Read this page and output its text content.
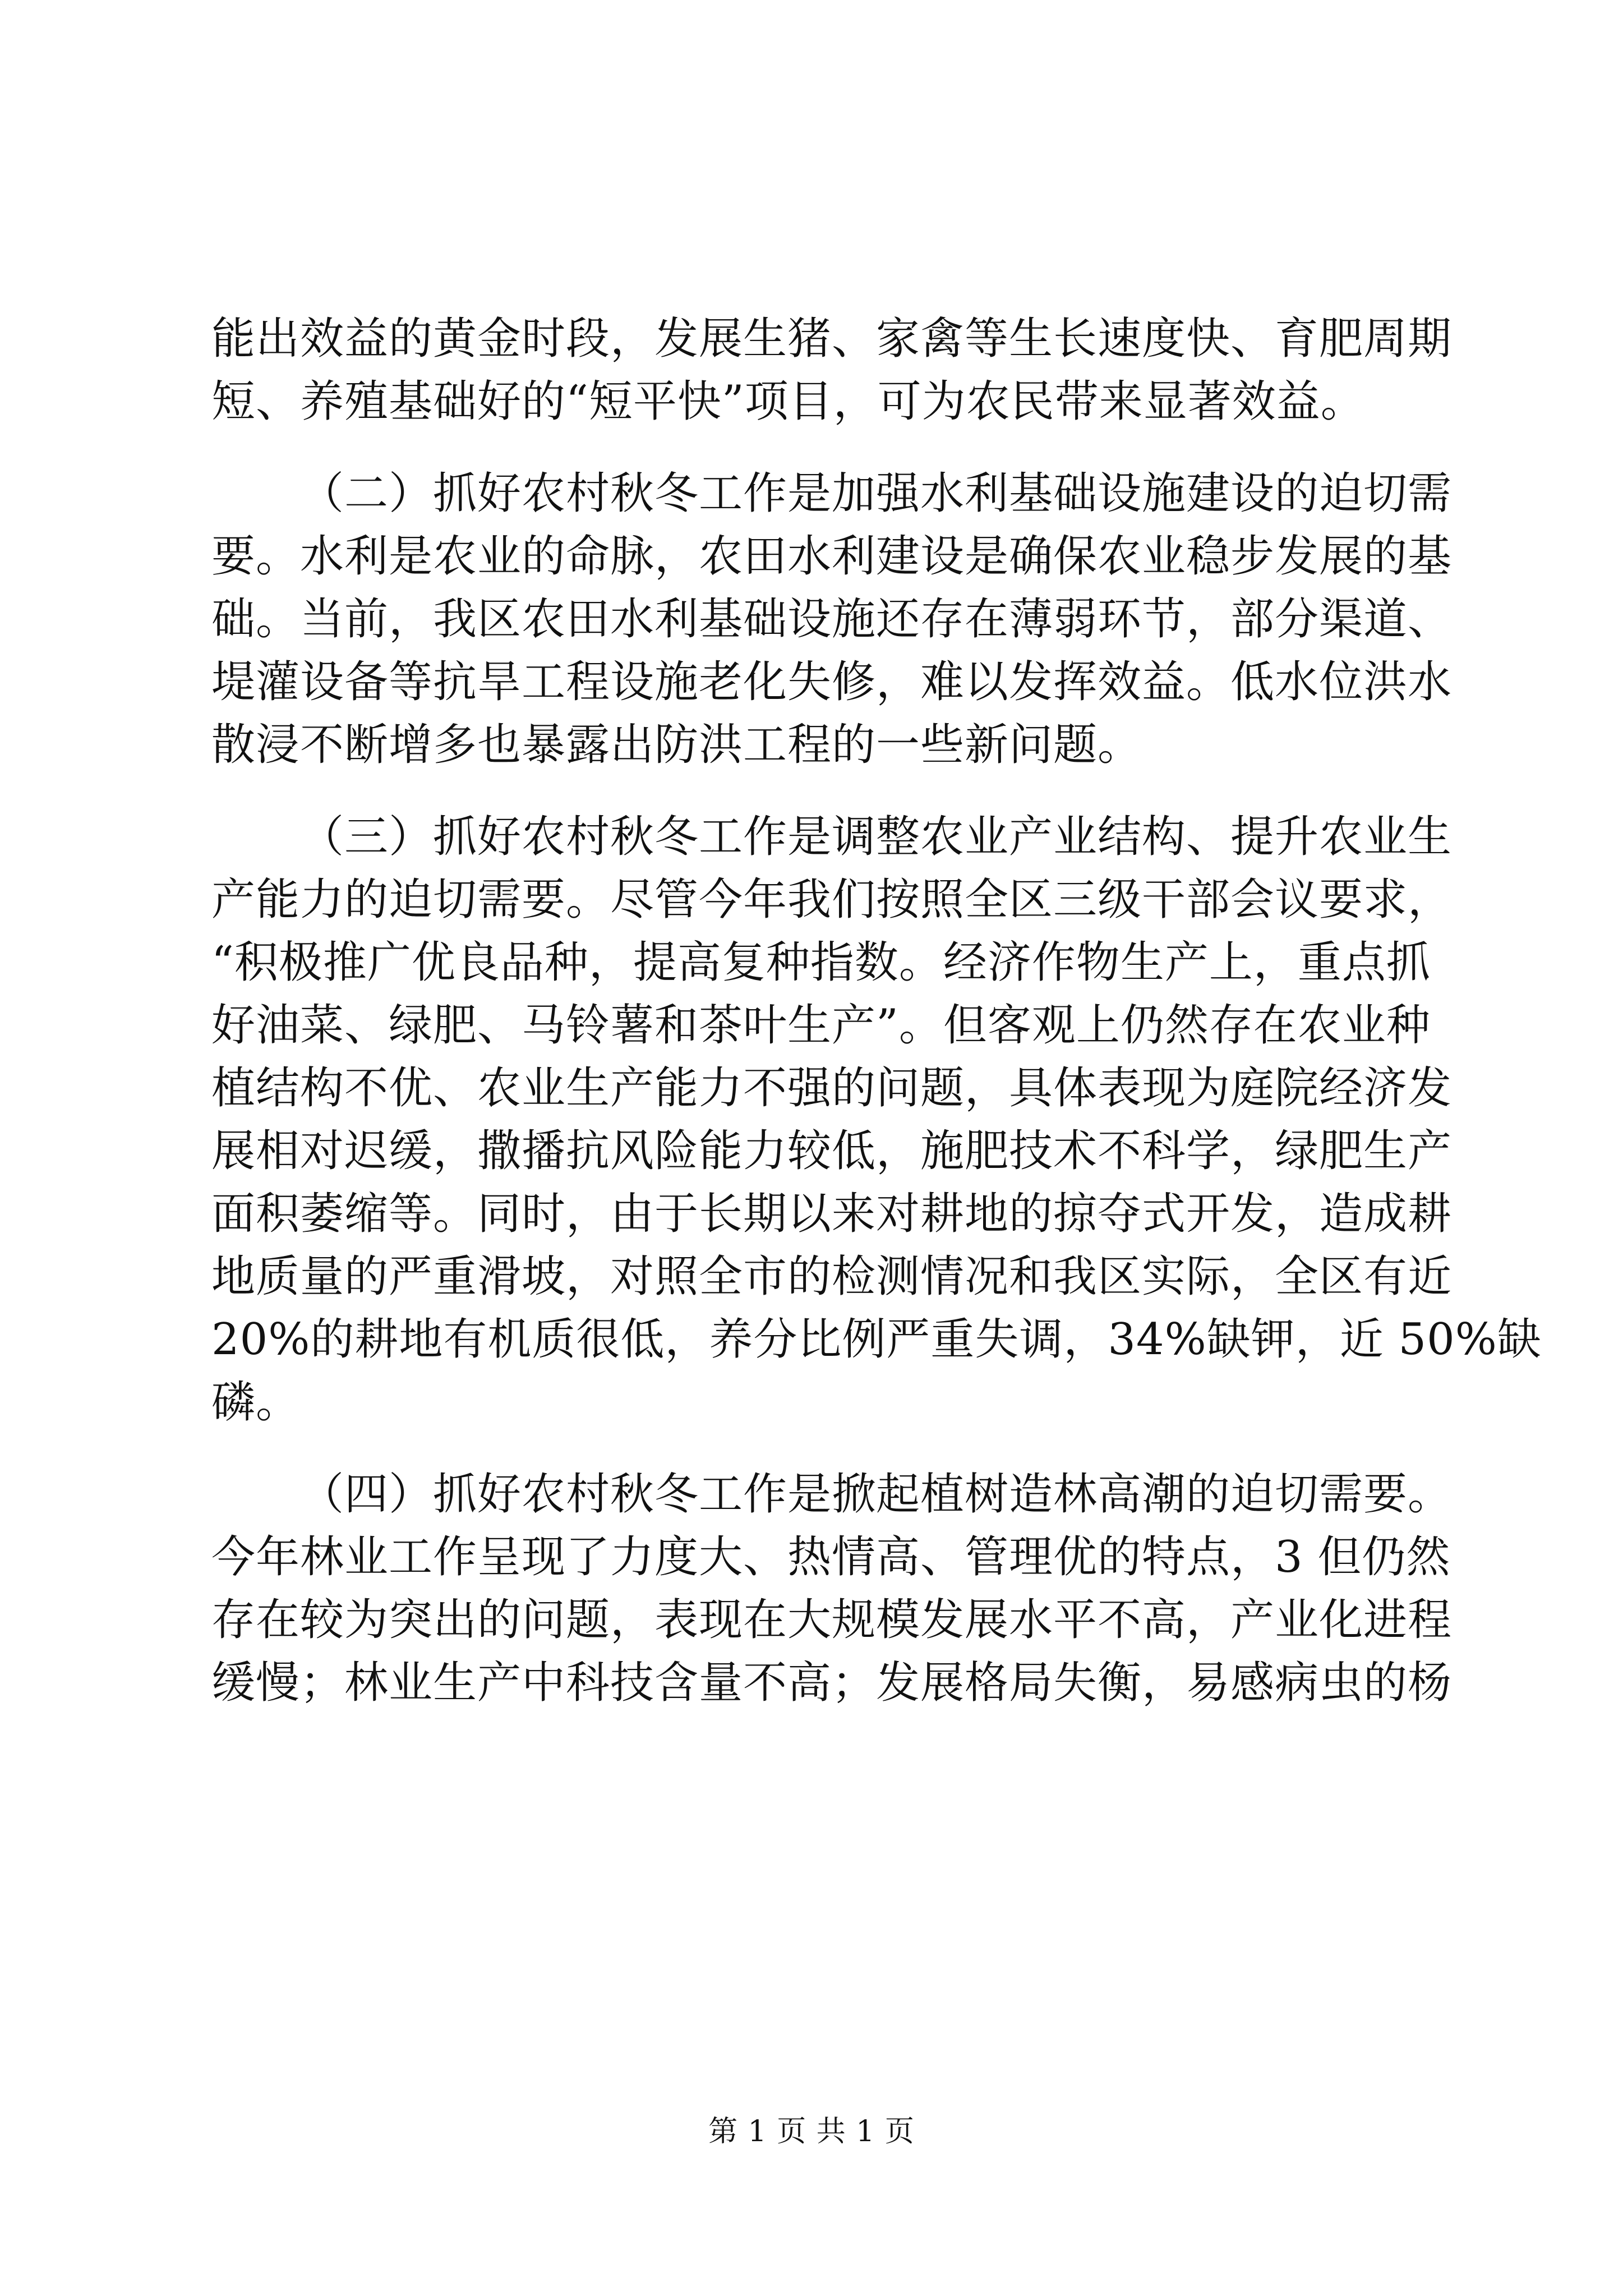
能出效益的黄金时段，发展生猪、家禽等生长速度快、育肥周期
短、养殖基础好的“短平快”项目，可为农民带来显著效益。
（二）抓好农村秋冬工作是加强水利基础设施建设的迫切需
要。水利是农业的命脉，农田水利建设是确保农业稳步发展的基
础。当前，我区农田水利基础设施还存在薄弱环节，部分渠道、
堤灌设备等抗旱工程设施老化失修，难以发挥效益。低水位洪水
散浸不断增多也暴露出防洪工程的一些新问题。
（三）抓好农村秋冬工作是调整农业产业结构、提升农业生
产能力的迫切需要。尽管今年我们按照全区三级干部会议要求，
“积极推广优良品种，提高复种指数。经济作物生产上，重点抓
好油菜、绿肥、马铃薯和茶叶生产”。但客观上仍然存在农业种
植结构不优、农业生产能力不强的问题，具体表现为庭院经济发
展相对迟缓，撒播抗风险能力较低，施肥技术不科学，绿肥生产
面积萎缩等。同时，由于长期以来对耕地的掠夺式开发，造成耕
地质量的严重滑坡，对照全市的检测情况和我区实际，全区有近
20%的耕地有机质很低，养分比例严重失调，34%缺钾，近 50%缺
磷。
（四）抓好农村秋冬工作是掀起植树造林高潮的迫切需要。
今年林业工作呈现了力度大、热情高、管理优的特点，3 但仍然
存在较为突出的问题，表现在大规模发展水平不高，产业化进程
缓慢；林业生产中科技含量不高；发展格局失衡，易感病虫的杨
第 1 页 共 1 页
